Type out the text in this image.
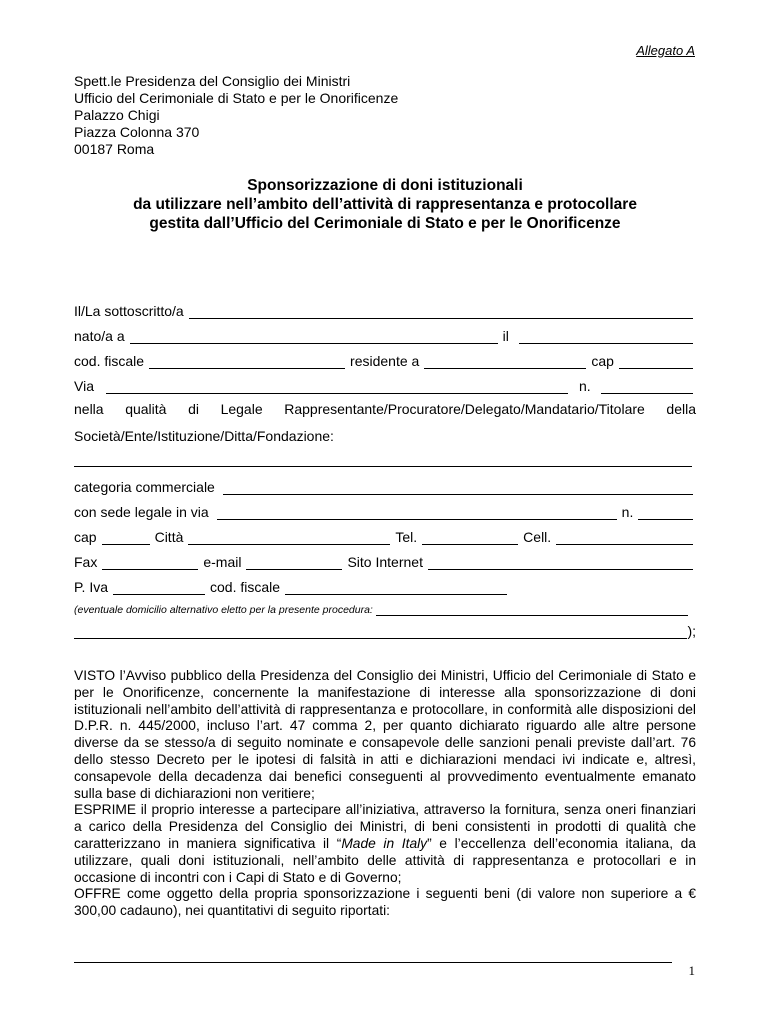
Allegato A
Spett.le Presidenza del Consiglio dei Ministri
Ufficio del Cerimoniale di Stato e per le Onorificenze
Palazzo Chigi
Piazza Colonna 370
00187 Roma
Sponsorizzazione di doni istituzionali
da utilizzare nell’ambito dell’attività di rappresentanza e protocollare
gestita dall’Ufficio del Cerimoniale di Stato e per le Onorificenze
Il/La sottoscritto/a
nato/a a	il
cod. fiscale	residente a	cap
Via	n.
nella qualità di Legale Rappresentante/Procuratore/Delegato/Mandatario/Titolare della
Società/Ente/Istituzione/Ditta/Fondazione:
categoria commerciale
con sede legale in via	n.
cap	Città	Tel.	Cell.
Fax	e-mail	Sito Internet
P. Iva	cod. fiscale
(eventuale domicilio alternativo eletto per la presente procedura:
);
VISTO l’Avviso pubblico della Presidenza del Consiglio dei Ministri, Ufficio del Cerimoniale di Stato e per le Onorificenze, concernente la manifestazione di interesse alla sponsorizzazione di doni istituzionali nell’ambito dell’attività di rappresentanza e protocollare, in conformità alle disposizioni del D.P.R. n. 445/2000, incluso l’art. 47 comma 2, per quanto dichiarato riguardo alle altre persone diverse da se stesso/a di seguito nominate e consapevole delle sanzioni penali previste dall’art. 76 dello stesso Decreto per le ipotesi di falsità in atti e dichiarazioni mendaci ivi indicate e, altresì, consapevole della decadenza dai benefici conseguenti al provvedimento eventualmente emanato sulla base di dichiarazioni non veritiere;
ESPRIME il proprio interesse a partecipare all’iniziativa, attraverso la fornitura, senza oneri finanziari a carico della Presidenza del Consiglio dei Ministri, di beni consistenti in prodotti di qualità che caratterizzano in maniera significativa il “Made in Italy” e l’eccellenza dell’economia italiana, da utilizzare, quali doni istituzionali, nell’ambito delle attività di rappresentanza e protocollari e in occasione di incontri con i Capi di Stato e di Governo;
OFFRE come oggetto della propria sponsorizzazione i seguenti beni (di valore non superiore a € 300,00 cadauno), nei quantitativi di seguito riportati:
1
